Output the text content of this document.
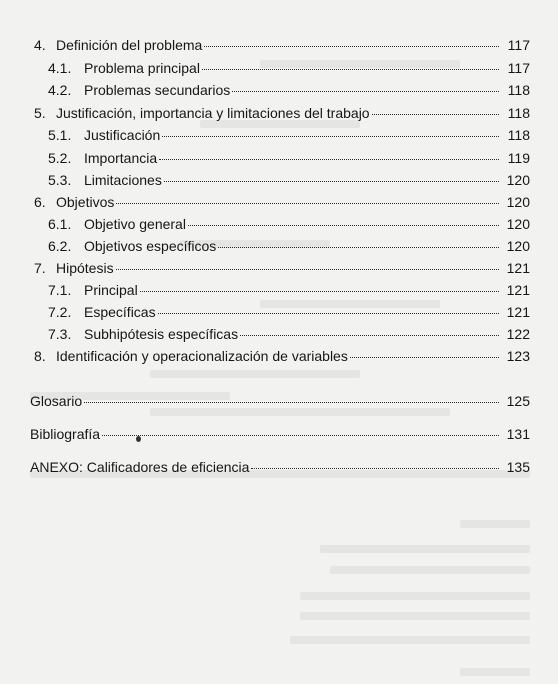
4. Definición del problema	117
4.1. Problema principal	117
4.2. Problemas secundarios	118
5. Justificación, importancia y limitaciones del trabajo	118
5.1. Justificación	118
5.2. Importancia	119
5.3. Limitaciones	120
6. Objetivos	120
6.1. Objetivo general	120
6.2. Objetivos específicos	120
7. Hipótesis	121
7.1. Principal	121
7.2. Específicas	121
7.3. Subhipótesis específicas	122
8. Identificación y operacionalización de variables	123
Glosario	125
Bibliografía	131
ANEXO: Calificadores de eficiencia	135
